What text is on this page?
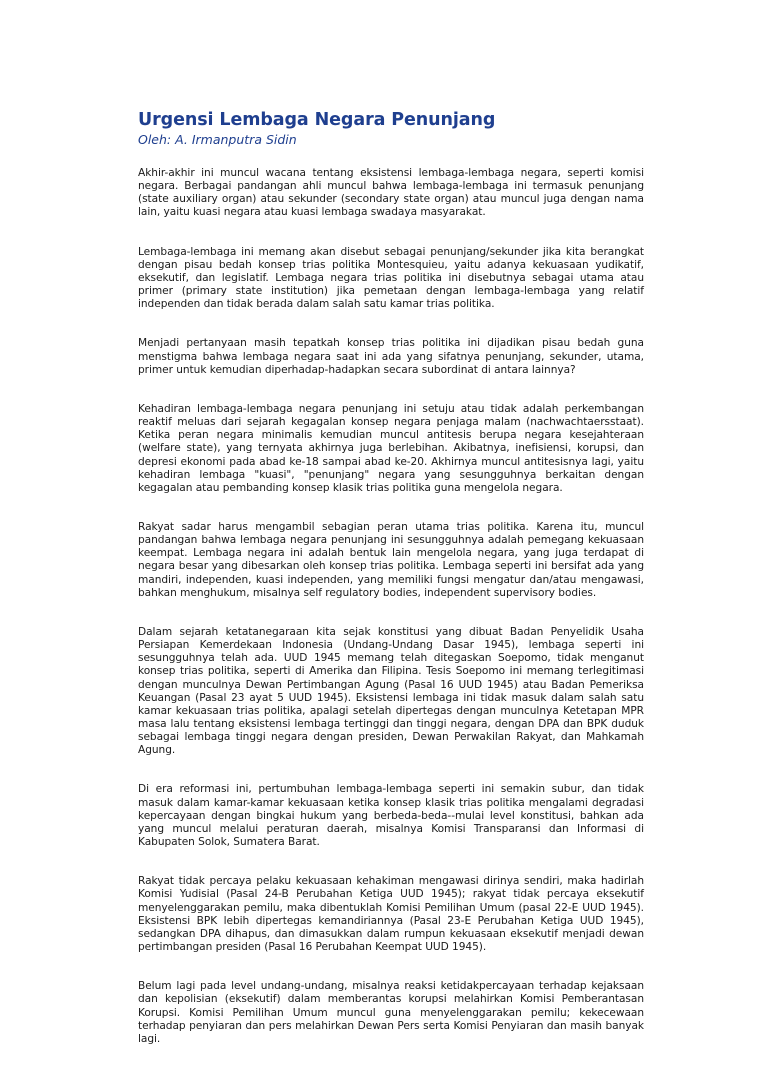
Urgensi Lembaga Negara Penunjang

Oleh: A. Irmanputra Sidin

Akhir-akhir ini muncul wacana tentang eksistensi lembaga-lembaga negara, seperti komisi negara. Berbagai pandangan ahli muncul bahwa lembaga-lembaga ini termasuk penunjang (state auxiliary organ) atau sekunder (secondary state organ) atau muncul juga dengan nama lain, yaitu kuasi negara atau kuasi lembaga swadaya masyarakat.

Lembaga-lembaga ini memang akan disebut sebagai penunjang/sekunder jika kita berangkat dengan pisau bedah konsep trias politika Montesquieu, yaitu adanya kekuasaan yudikatif, eksekutif, dan legislatif. Lembaga negara trias politika ini disebutnya sebagai utama atau primer (primary state institution) jika pemetaan dengan lembaga-lembaga yang relatif independen dan tidak berada dalam salah satu kamar trias politika.

Menjadi pertanyaan masih tepatkah konsep trias politika ini dijadikan pisau bedah guna menstigma bahwa lembaga negara saat ini ada yang sifatnya penunjang, sekunder, utama, primer untuk kemudian diperhadap-hadapkan secara subordinat di antara lainnya?

Kehadiran lembaga-lembaga negara penunjang ini setuju atau tidak adalah perkembangan reaktif meluas dari sejarah kegagalan konsep negara penjaga malam (nachwachtaersstaat). Ketika peran negara minimalis kemudian muncul antitesis berupa negara kesejahteraan (welfare state), yang ternyata akhirnya juga berlebihan. Akibatnya, inefisiensi, korupsi, dan depresi ekonomi pada abad ke-18 sampai abad ke-20. Akhirnya muncul antitesisnya lagi, yaitu kehadiran lembaga "kuasi", "penunjang" negara yang sesungguhnya berkaitan dengan kegagalan atau pembanding konsep klasik trias politika guna mengelola negara.

Rakyat sadar harus mengambil sebagian peran utama trias politika. Karena itu, muncul pandangan bahwa lembaga negara penunjang ini sesungguhnya adalah pemegang kekuasaan keempat. Lembaga negara ini adalah bentuk lain mengelola negara, yang juga terdapat di negara besar yang dibesarkan oleh konsep trias politika. Lembaga seperti ini bersifat ada yang mandiri, independen, kuasi independen, yang memiliki fungsi mengatur dan/atau mengawasi, bahkan menghukum, misalnya self regulatory bodies, independent supervisory bodies.

Dalam sejarah ketatanegaraan kita sejak konstitusi yang dibuat Badan Penyelidik Usaha Persiapan Kemerdekaan Indonesia (Undang-Undang Dasar 1945), lembaga seperti ini sesungguhnya telah ada. UUD 1945 memang telah ditegaskan Soepomo, tidak menganut konsep trias politika, seperti di Amerika dan Filipina. Tesis Soepomo ini memang terlegitimasi dengan munculnya Dewan Pertimbangan Agung (Pasal 16 UUD 1945) atau Badan Pemeriksa Keuangan (Pasal 23 ayat 5 UUD 1945). Eksistensi lembaga ini tidak masuk dalam salah satu kamar kekuasaan trias politika, apalagi setelah dipertegas dengan munculnya Ketetapan MPR masa lalu tentang eksistensi lembaga tertinggi dan tinggi negara, dengan DPA dan BPK duduk sebagai lembaga tinggi negara dengan presiden, Dewan Perwakilan Rakyat, dan Mahkamah Agung.

Di era reformasi ini, pertumbuhan lembaga-lembaga seperti ini semakin subur, dan tidak masuk dalam kamar-kamar kekuasaan ketika konsep klasik trias politika mengalami degradasi kepercayaan dengan bingkai hukum yang berbeda-beda--mulai level konstitusi, bahkan ada yang muncul melalui peraturan daerah, misalnya Komisi Transparansi dan Informasi di Kabupaten Solok, Sumatera Barat.

Rakyat tidak percaya pelaku kekuasaan kehakiman mengawasi dirinya sendiri, maka hadirlah Komisi Yudisial (Pasal 24-B Perubahan Ketiga UUD 1945); rakyat tidak percaya eksekutif menyelenggarakan pemilu, maka dibentuklah Komisi Pemilihan Umum (pasal 22-E UUD 1945). Eksistensi BPK lebih dipertegas kemandiriannya (Pasal 23-E Perubahan Ketiga UUD 1945), sedangkan DPA dihapus, dan dimasukkan dalam rumpun kekuasaan eksekutif menjadi dewan pertimbangan presiden (Pasal 16 Perubahan Keempat UUD 1945).

Belum lagi pada level undang-undang, misalnya reaksi ketidakpercayaan terhadap kejaksaan dan kepolisian (eksekutif) dalam memberantas korupsi melahirkan Komisi Pemberantasan Korupsi. Komisi Pemilihan Umum muncul guna menyelenggarakan pemilu; kekecewaan terhadap penyiaran dan pers melahirkan Dewan Pers serta Komisi Penyiaran dan masih banyak lagi.
